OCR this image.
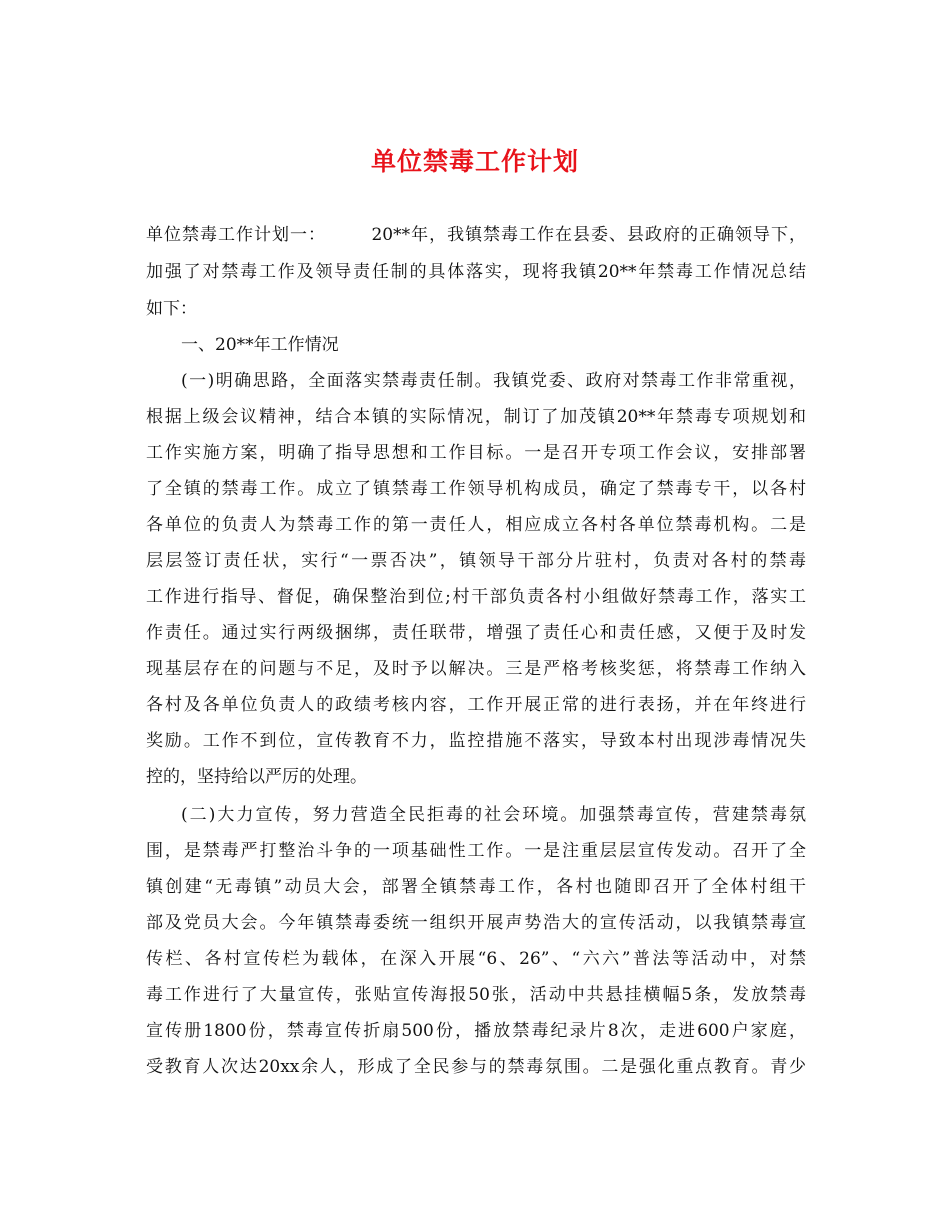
单位禁毒工作计划
单位禁毒工作计划一：　　　20**年，我镇禁毒工作在县委、县政府的正确领导下，
加强了对禁毒工作及领导责任制的具体落实，现将我镇20**年禁毒工作情况总结
如下：
一、20**年工作情况
(一)明确思路，全面落实禁毒责任制。我镇党委、政府对禁毒工作非常重视，
根据上级会议精神，结合本镇的实际情况，制订了加茂镇20**年禁毒专项规划和
工作实施方案，明确了指导思想和工作目标。一是召开专项工作会议，安排部署
了全镇的禁毒工作。成立了镇禁毒工作领导机构成员，确定了禁毒专干，以各村
各单位的负责人为禁毒工作的第一责任人，相应成立各村各单位禁毒机构。二是
层层签订责任状，实行“一票否决”，镇领导干部分片驻村，负责对各村的禁毒
工作进行指导、督促，确保整治到位;村干部负责各村小组做好禁毒工作，落实工
作责任。通过实行两级捆绑，责任联带，增强了责任心和责任感，又便于及时发
现基层存在的问题与不足，及时予以解决。三是严格考核奖惩，将禁毒工作纳入
各村及各单位负责人的政绩考核内容，工作开展正常的进行表扬，并在年终进行
奖励。工作不到位，宣传教育不力，监控措施不落实，导致本村出现涉毒情况失
控的，坚持给以严厉的处理。
(二)大力宣传，努力营造全民拒毒的社会环境。加强禁毒宣传，营建禁毒氛
围，是禁毒严打整治斗争的一项基础性工作。一是注重层层宣传发动。召开了全
镇创建“无毒镇”动员大会，部署全镇禁毒工作，各村也随即召开了全体村组干
部及党员大会。今年镇禁毒委统一组织开展声势浩大的宣传活动，以我镇禁毒宣
传栏、各村宣传栏为载体，在深入开展“6、26”、“六六”普法等活动中，对禁
毒工作进行了大量宣传，张贴宣传海报50张，活动中共悬挂横幅5条，发放禁毒
宣传册1800份，禁毒宣传折扇500份，播放禁毒纪录片8次，走进600户家庭，
受教育人次达20xx余人，形成了全民参与的禁毒氛围。二是强化重点教育。青少
